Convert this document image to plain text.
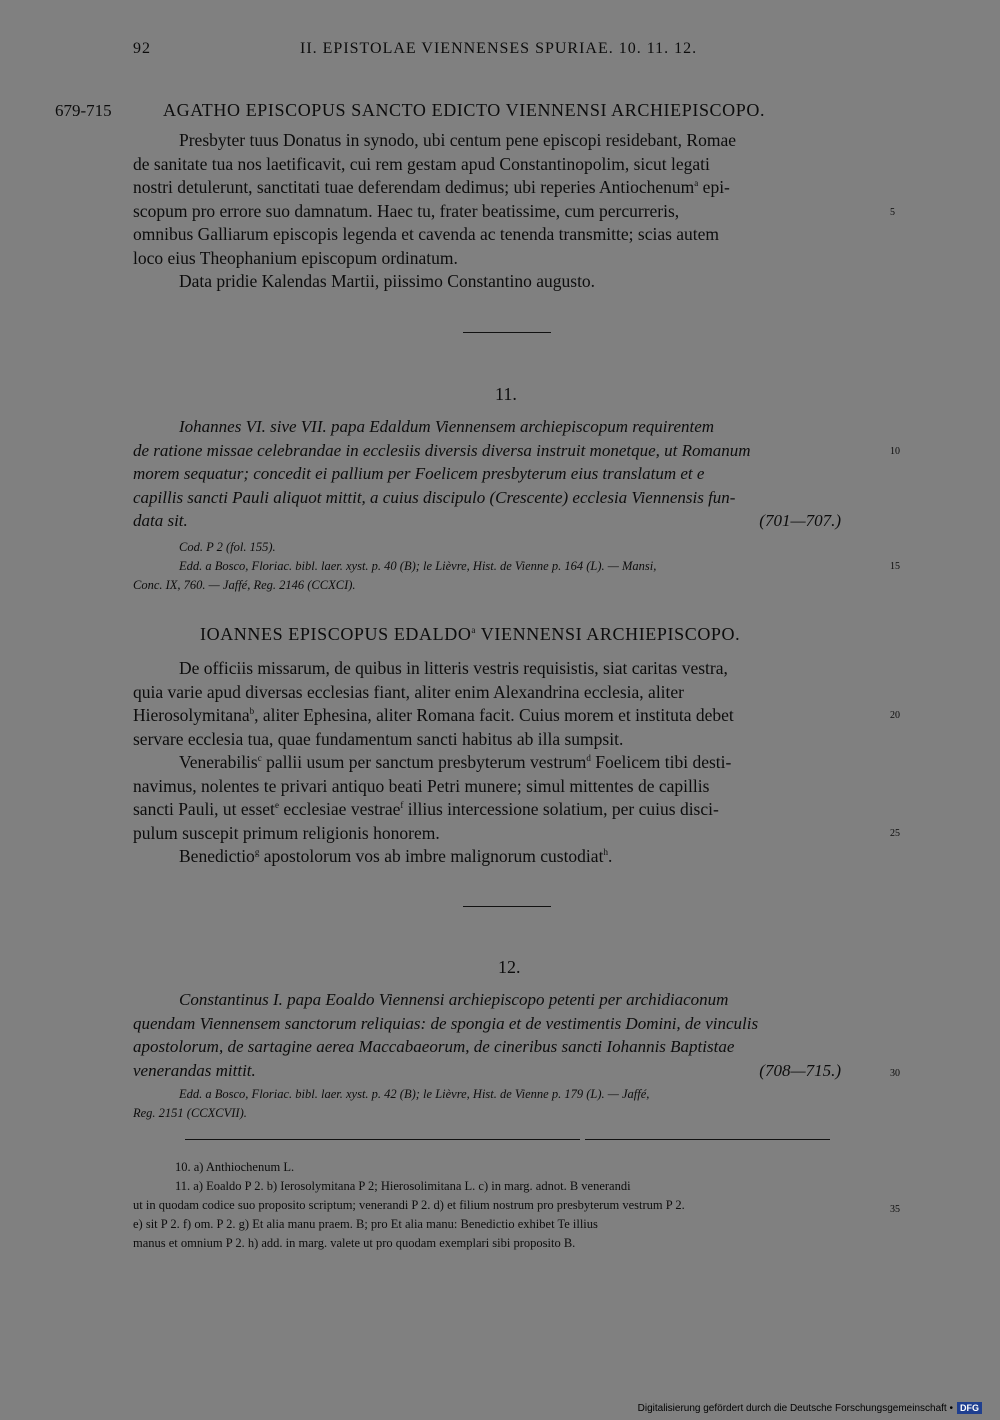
92	II. EPISTOLAE VIENNENSES SPURIAE. 10. 11. 12.
679-715	AGATHO EPISCOPUS SANCTO EDICTO VIENNENSI ARCHIEPISCOPO.
Presbyter tuus Donatus in synodo, ubi centum pene episcopi residebant, Romae
de sanitate tua nos laetificavit, cui rem gestam apud Constantinopolim, sicut legati
nostri detulerunt, sanctitati tuae deferendam dedimus; ubi reperies Antiochenum$^a$ epi-
scopum pro errore suo damnatum. Haec tu, frater beatissime, cum percurreris,
omnibus Galliarum episcopis legenda et cavenda ac tenenda transmitte; scias autem
loco eius Theophanium episcopum ordinatum.
Data pridie Kalendas Martii, piissimo Constantino augusto.
5
11.
Iohannes VI. sive VII. papa Edaldum Viennensem archiepiscopum requirentem
de ratione missae celebrandae in ecclesiis diversis diversa instruit monetque, ut Romanum
morem sequatur; concedit ei pallium per Foelicem presbyterum eius translatum et e
capillis sancti Pauli aliquot mittit, a cuius discipulo (Crescente) ecclesia Viennensis fun-
data sit.	(701—707.)
10
Cod. P 2 (fol. 155).
Edd. a Bosco, Floriac. bibl. laer. xyst. p. 40 (B); le Lièvre, Hist. de Vienne p. 164 (L). — Mansi,
Conc. IX, 760. — Jaffé, Reg. 2146 (CCXCI).
15
IOANNES EPISCOPUS EDALDO$^a$ VIENNENSI ARCHIEPISCOPO.
De officiis missarum, de quibus in litteris vestris requisistis, siat caritas vestra,
quia varie apud diversas ecclesias fiant, aliter enim Alexandrina ecclesia, aliter
Hierosolymitana$^b$, aliter Ephesina, aliter Romana facit. Cuius morem et instituta debet
servare ecclesia tua, quae fundamentum sancti habitus ab illa sumpsit.
Venerabilis$^c$ pallii usum per sanctum presbyterum vestrum$^d$ Foelicem tibi desti-
navimus, nolentes te privari antiquo beati Petri munere; simul mittentes de capillis
sancti Pauli, ut esset$^e$ ecclesiae vestrae$^f$ illius intercessione solatium, per cuius disci-
pulum suscepit primum religionis honorem.
Benedictio$^g$ apostolorum vos ab imbre malignorum custodiat$^h$.
20
25
12.
Constantinus I. papa Eoaldo Viennensi archiepiscopo petenti per archidiaconum
quendam Viennensem sanctorum reliquias: de spongia et de vestimentis Domini, de vinculis
apostolorum, de sartagine aerea Maccabaeorum, de cineribus sancti Iohannis Baptistae
venerandas mittit.	(708—715.)	30
Edd. a Bosco, Floriac. bibl. laer. xyst. p. 42 (B); le Lièvre, Hist. de Vienne p. 179 (L). — Jaffé,
Reg. 2151 (CCXCVII).
10. a) Anthiochenum L.
11. a) Eoaldo P 2. b) Ierosolymitana P 2; Hierosolimitana L. c) in marg. adnot. B venerandi
ut in quodam codice suo proposito scriptum; venerandi P 2. d) et filium nostrum pro presbyterum vestrum P 2.
e) sit P 2. f) om. P 2. g) Et alia manu praem. B; pro Et alia manu: Benedictio exhibet Te illius
manus et omnium P 2. h) add. in marg. valete ut pro quodam exemplari sibi proposito B.
35
Digitalisierung gefördert durch die Deutsche Forschungsgemeinschaft • DFG
